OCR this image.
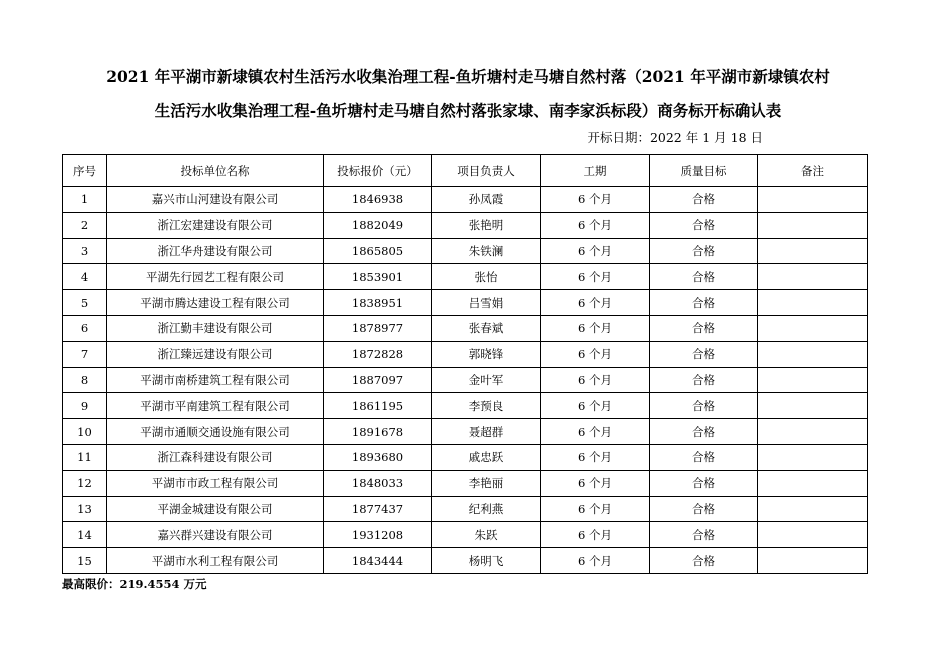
2021 年平湖市新埭镇农村生活污水收集治理工程-鱼圻塘村走马塘自然村落（2021 年平湖市新埭镇农村
生活污水收集治理工程-鱼圻塘村走马塘自然村落张家埭、南李家浜标段）商务标开标确认表
开标日期：2022 年 1 月 18 日
序号	投标单位名称	投标报价（元）	项目负责人	工期	质量目标	备注
1	嘉兴市山河建设有限公司	1846938	孙凤霞	6 个月	合格	
2	浙江宏建建设有限公司	1882049	张艳明	6 个月	合格	
3	浙江华舟建设有限公司	1865805	朱铁澜	6 个月	合格	
4	平湖先行园艺工程有限公司	1853901	张怡	6 个月	合格	
5	平湖市腾达建设工程有限公司	1838951	吕雪娟	6 个月	合格	
6	浙江勤丰建设有限公司	1878977	张春斌	6 个月	合格	
7	浙江臻远建设有限公司	1872828	郭晓锋	6 个月	合格	
8	平湖市南桥建筑工程有限公司	1887097	金叶军	6 个月	合格	
9	平湖市平南建筑工程有限公司	1861195	李预良	6 个月	合格	
10	平湖市通顺交通设施有限公司	1891678	聂超群	6 个月	合格	
11	浙江森科建设有限公司	1893680	戚忠跃	6 个月	合格	
12	平湖市市政工程有限公司	1848033	李艳丽	6 个月	合格	
13	平湖金城建设有限公司	1877437	纪利燕	6 个月	合格	
14	嘉兴群兴建设有限公司	1931208	朱跃	6 个月	合格	
15	平湖市水利工程有限公司	1843444	杨明飞	6 个月	合格	
最高限价：219.4554 万元
